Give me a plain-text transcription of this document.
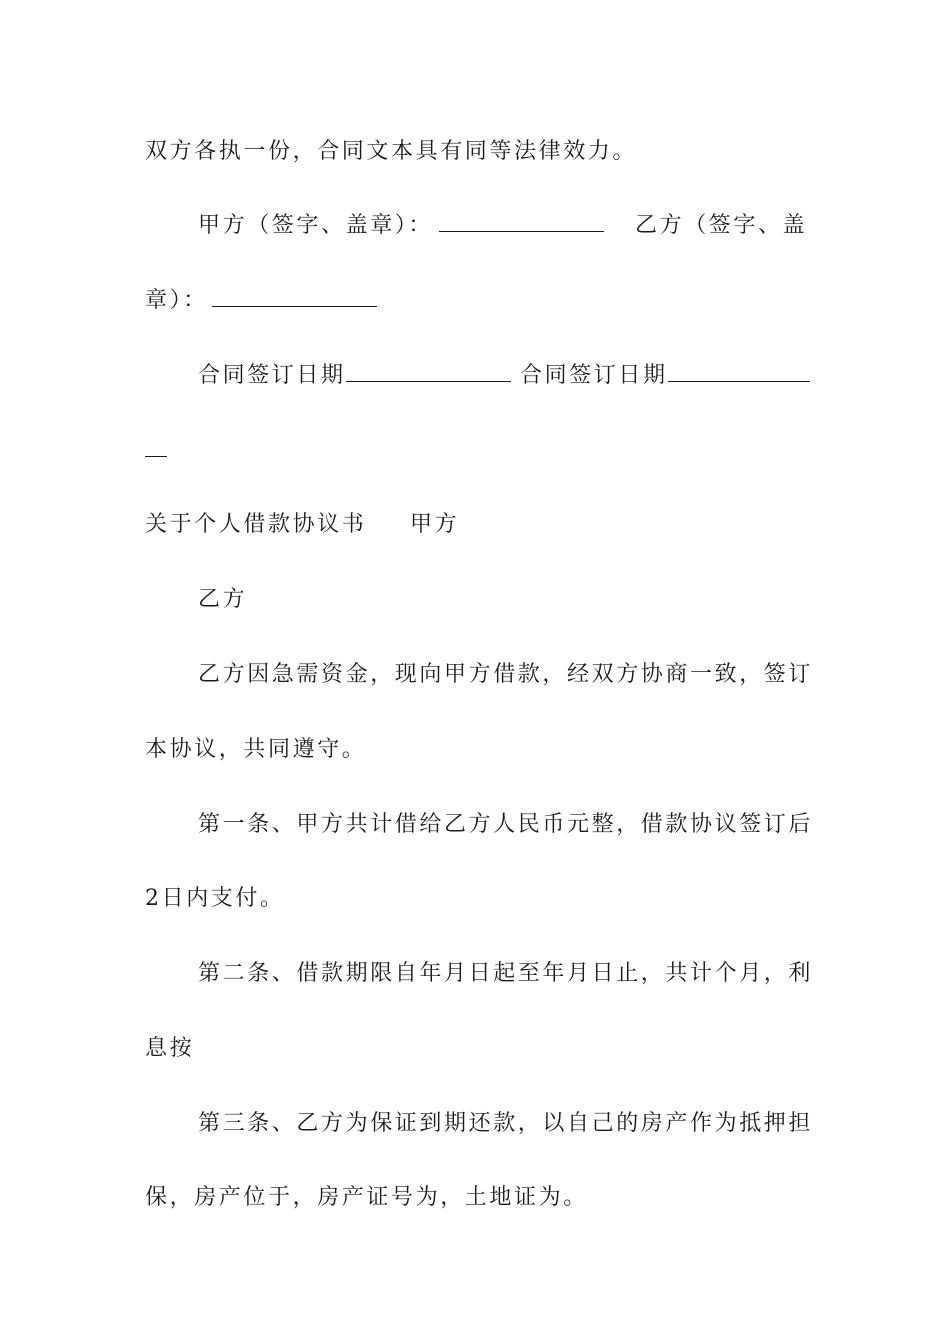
双方各执一份，合同文本具有同等法律效力。
甲方（签字、盖章）：	乙方（签字、盖
章）：
合同签订日期	合同签订日期
关于个人借款协议书 甲方
乙方
乙方因急需资金，现向甲方借款，经双方协商一致，签订
本协议，共同遵守。
第一条、甲方共计借给乙方人民币元整，借款协议签订后
2日内支付。
第二条、借款期限自年月日起至年月日止，共计个月，利
息按
第三条、乙方为保证到期还款，以自己的房产作为抵押担
保，房产位于，房产证号为，土地证为。
